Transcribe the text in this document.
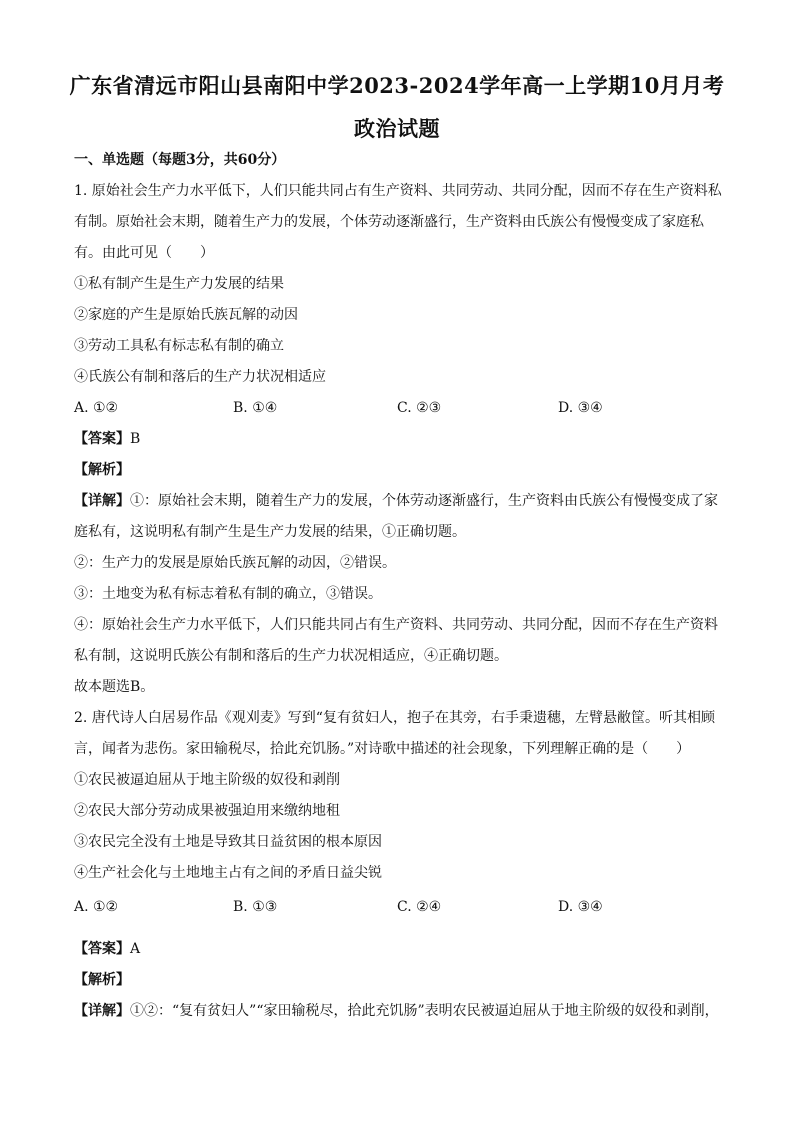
广东省清远市阳山县南阳中学2023-2024学年高一上学期10月月考
政治试题
一、单选题（每题3分，共60分）
1. 原始社会生产力水平低下，人们只能共同占有生产资料、共同劳动、共同分配，因而不存在生产资料私
有制。原始社会末期，随着生产力的发展，个体劳动逐渐盛行，生产资料由氏族公有慢慢变成了家庭私
有。由此可见（　　）
①私有制产生是生产力发展的结果
②家庭的产生是原始氏族瓦解的动因
③劳动工具私有标志私有制的确立
④氏族公有制和落后的生产力状况相适应
A. ①②	B. ①④	C. ②③	D. ③④
【答案】B
【解析】
【详解】①：原始社会末期，随着生产力的发展，个体劳动逐渐盛行，生产资料由氏族公有慢慢变成了家
庭私有，这说明私有制产生是生产力发展的结果，①正确切题。
②：生产力的发展是原始氏族瓦解的动因，②错误。
③：土地变为私有标志着私有制的确立，③错误。
④：原始社会生产力水平低下，人们只能共同占有生产资料、共同劳动、共同分配，因而不存在生产资料
私有制，这说明氏族公有制和落后的生产力状况相适应，④正确切题。
故本题选B。
2. 唐代诗人白居易作品《观刈麦》写到“复有贫妇人，抱子在其旁，右手秉遗穗，左臂悬敝筐。听其相顾
言，闻者为悲伤。家田输税尽，拾此充饥肠。”对诗歌中描述的社会现象，下列理解正确的是（　　）
①农民被逼迫屈从于地主阶级的奴役和剥削
②农民大部分劳动成果被强迫用来缴纳地租
③农民完全没有土地是导致其日益贫困的根本原因
④生产社会化与土地地主占有之间的矛盾日益尖锐
A. ①②	B. ①③	C. ②④	D. ③④
【答案】A
【解析】
【详解】①②：“复有贫妇人”“家田输税尽，拾此充饥肠”表明农民被逼迫屈从于地主阶级的奴役和剥削，
